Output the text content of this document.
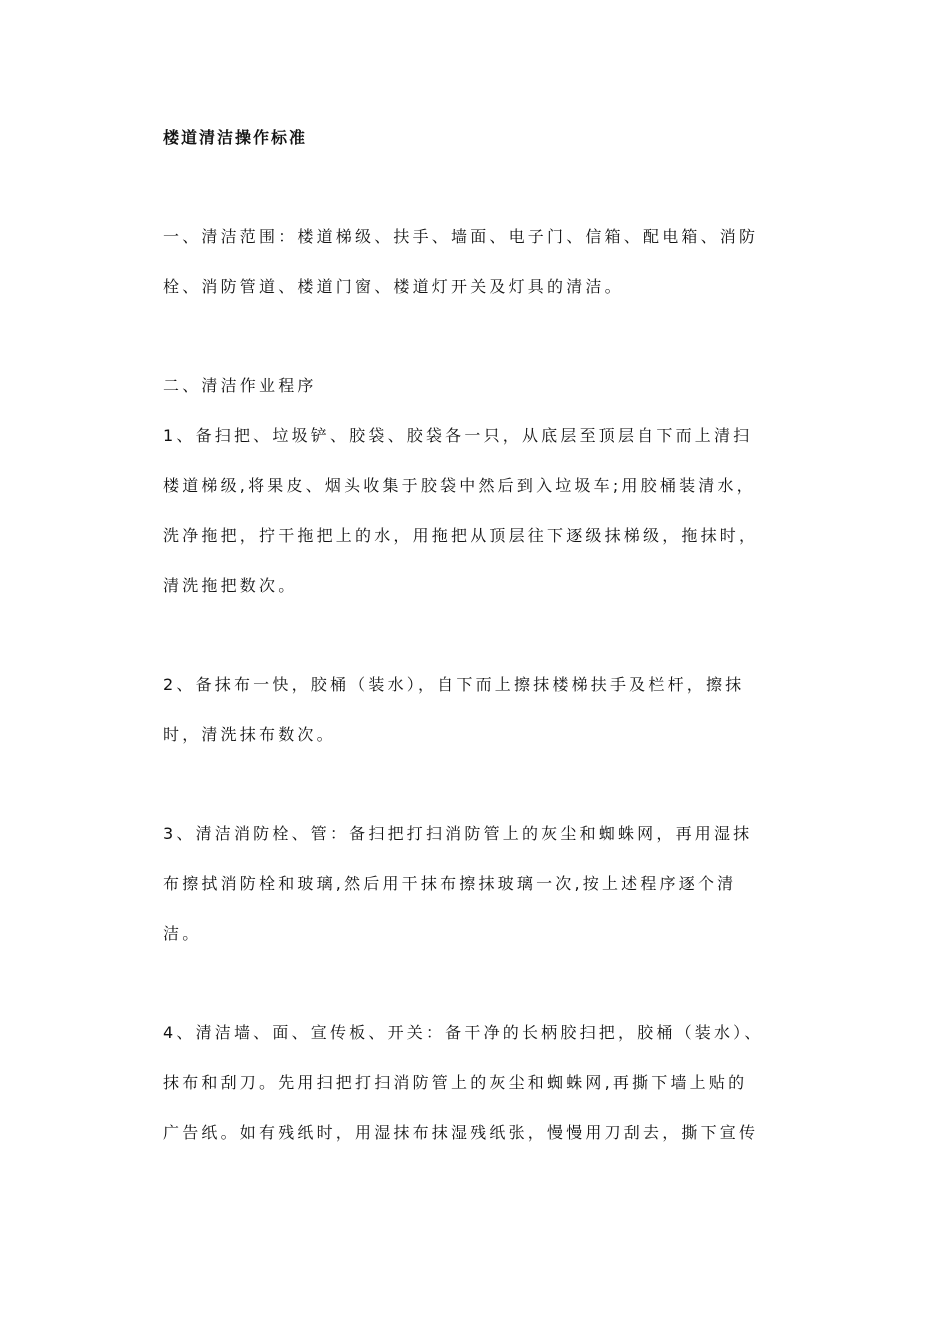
楼道清洁操作标准

一、清洁范围：楼道梯级、扶手、墙面、电子门、信箱、配电箱、消防
栓、消防管道、楼道门窗、楼道灯开关及灯具的清洁。

二、清洁作业程序
1、备扫把、垃圾铲、胶袋、胶袋各一只，从底层至顶层自下而上清扫
楼道梯级,将果皮、烟头收集于胶袋中然后到入垃圾车;用胶桶装清水，
洗净拖把，拧干拖把上的水，用拖把从顶层往下逐级抹梯级，拖抹时，
清洗拖把数次。

2、备抹布一快，胶桶（装水），自下而上擦抹楼梯扶手及栏杆，擦抹
时，清洗抹布数次。

3、清洁消防栓、管：备扫把打扫消防管上的灰尘和蜘蛛网，再用湿抹
布擦拭消防栓和玻璃,然后用干抹布擦抹玻璃一次,按上述程序逐个清
洁。

4、清洁墙、面、宣传板、开关：备干净的长柄胶扫把，胶桶（装水）、
抹布和刮刀。先用扫把打扫消防管上的灰尘和蜘蛛网,再撕下墙上贴的
广告纸。如有残纸时，用湿抹布抹湿残纸张，慢慢用刀刮去，撕下宣传
